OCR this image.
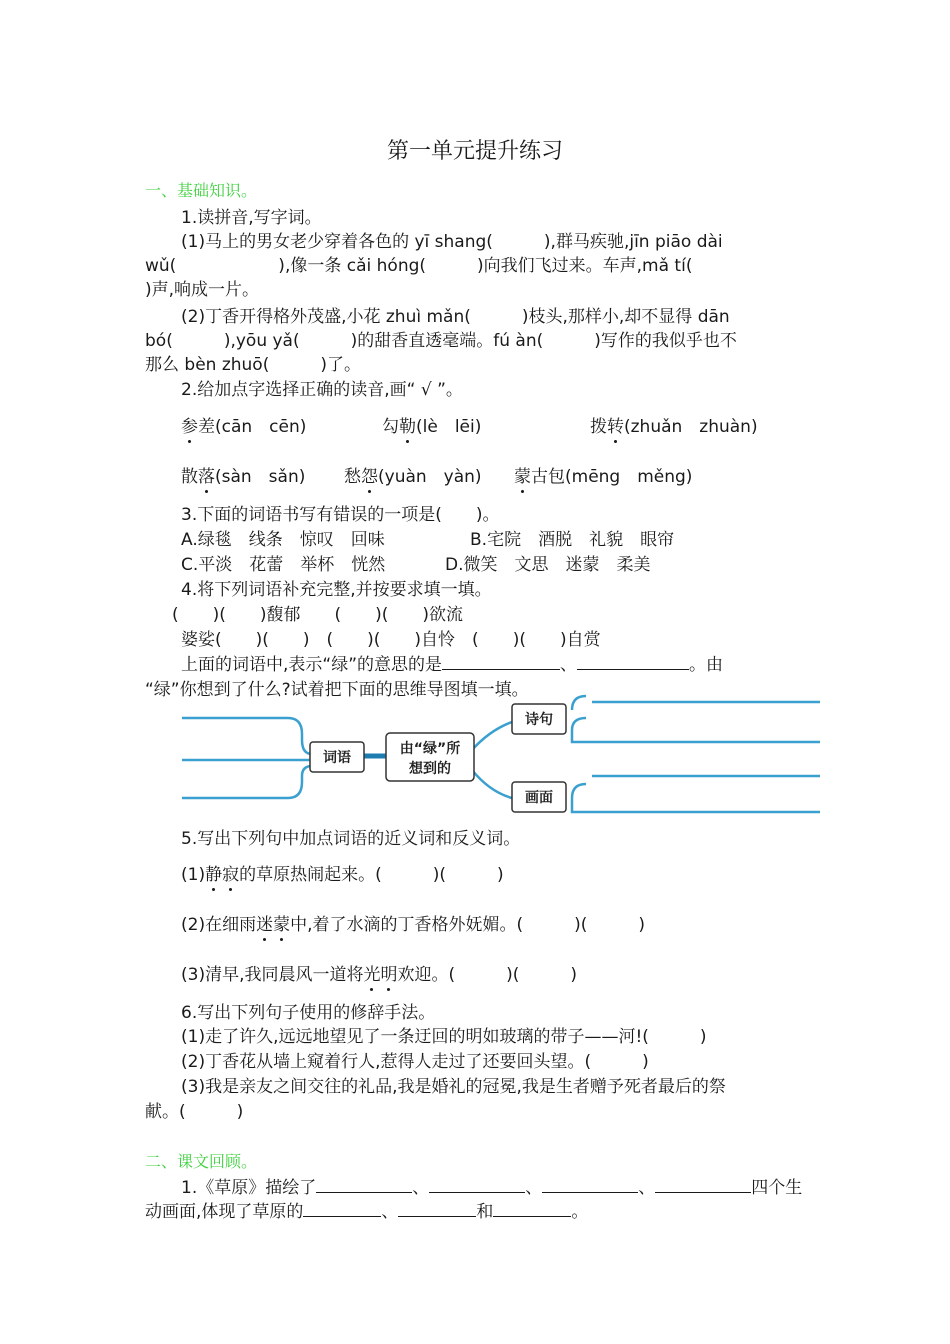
第一单元提升练习
一、基础知识。
1.读拼音,写字词。
(1)马上的男女老少穿着各色的 yī shang(　　　),群马疾驰,jīn piāo dài
wǔ(　　　　　　),像一条 cǎi hóng(　　　)向我们飞过来。车声,mǎ tí(
)声,响成一片。
(2)丁香开得格外茂盛,小花 zhuì mǎn(　　　)枝头,那样小,却不显得 dān
bó(　　　),yōu yǎ(　　　)的甜香直透毫端。fú àn(　　　)写作的我似乎也不
那么 bèn zhuō(　　　)了。
2.给加点字选择正确的读音,画“ √ ”。
参差(cān　cēn)	勾勒(lè　lēi)	拨转(zhuǎn　zhuàn)
散落(sàn　sǎn) 愁怨(yuàn　yàn) 蒙古包(mēng　měng)
3.下面的词语书写有错误的一项是(　　)。
A.绿毯　线条　惊叹　回味	B.宅院　酒脱　礼貌　眼帘
C.平淡　花蕾　举杯　恍然	D.微笑　文思　迷蒙　柔美
4.将下列词语补充完整,并按要求填一填。
(　　)(　　)馥郁　　(　　)(　　)欲流
婆娑(　　)(　　)　(　　)(　　)自怜　(　　)(　　)自赏
上面的词语中,表示“绿”的意思的是	、	。由
“绿”你想到了什么?试着把下面的思维导图填一填。
词语
由“绿”所
想到的
诗句
画面
5.写出下列句中加点词语的近义词和反义词。
(1)静寂的草原热闹起来。(　　　)(　　　)
(2)在细雨迷蒙中,着了水滴的丁香格外妩媚。(　　　)(　　　)
(3)清早,我同晨风一道将光明欢迎。(　　　)(　　　)
6.写出下列句子使用的修辞手法。
(1)走了许久,远远地望见了一条迂回的明如玻璃的带子——河!(　　　)
(2)丁香花从墙上窥着行人,惹得人走过了还要回头望。(　　　)
(3)我是亲友之间交往的礼品,我是婚礼的冠冕,我是生者赠予死者最后的祭
献。(　　　)
二、课文回顾。
1.《草原》描绘了	、	、	、	四个生
动画面,体现了草原的	、	和	。
